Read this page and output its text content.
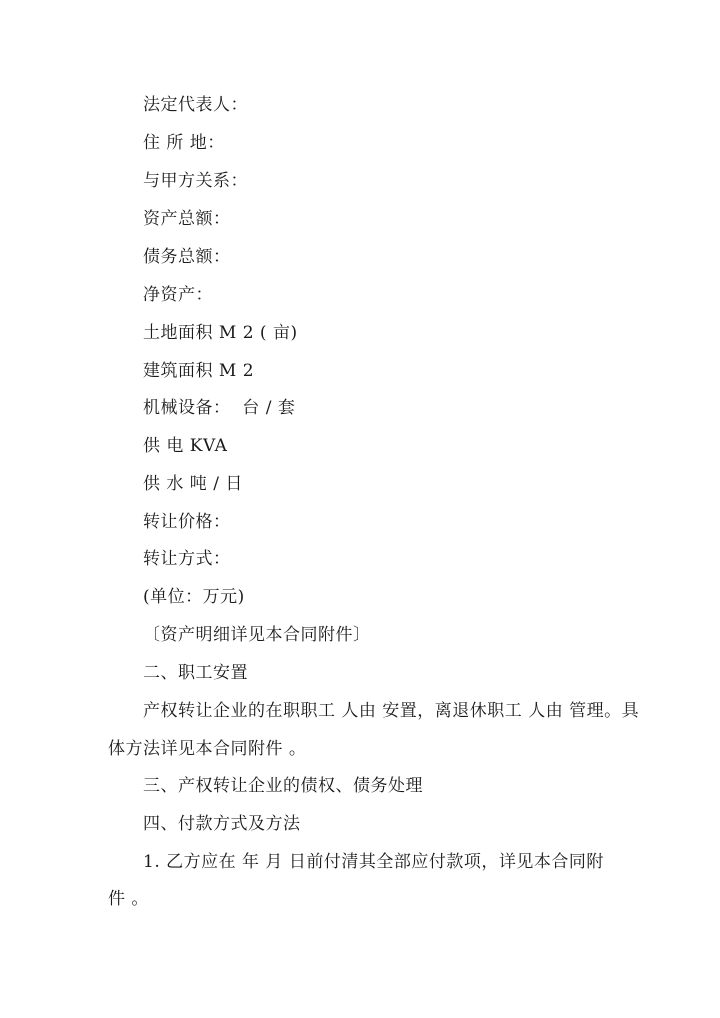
法定代表人：
住 所 地：
与甲方关系：
资产总额：
债务总额：
净资产：
土地面积 M 2 ( 亩)
建筑面积 M 2
机械设备：  台 / 套
供 电 KVA
供 水 吨 / 日
转让价格：
转让方式：
(单位：万元)
〔资产明细详见本合同附件〕
二、职工安置
产权转让企业的在职职工 人由 安置，离退休职工 人由 管理。具
体方法详见本合同附件 。
三、产权转让企业的债权、债务处理
四、付款方式及方法
1. 乙方应在 年 月 日前付清其全部应付款项，详见本合同附
件 。
